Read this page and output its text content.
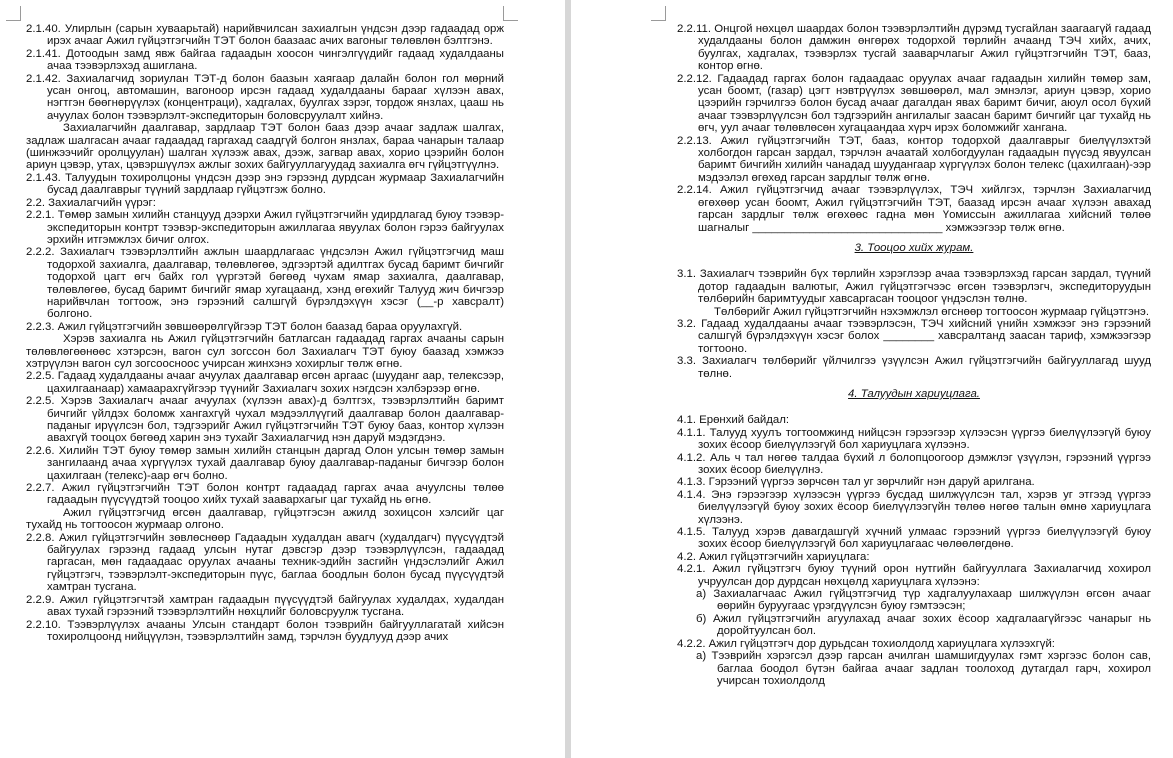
2.1.40. Улирлын (сарын хуваарьтай) нарийвчилсан захиалгын үндсэн дээр гадаадад орж ирэх ачааг Ажил гүйцэтгэгчийн ТЭТ болон баазаас ачих вагоныг төлөвлөн бэлтгэнэ.

2.1.41. Дотоодын замд явж байгаа гадаадын хоосон чингэлгүүдийг гадаад худалдааны ачаа тээвэрлэхэд ашиглана.

2.1.42. Захиалагчид зориулан ТЭТ-д болон баазын хаягаар далайн болон гол мөрний усан онгоц, автомашин, вагоноор ирсэн гадаад худалдааны барааг хүлээн авах, нэгтгэн бөөгнөрүүлэх (концентраци), хадгалах, буулгах зэрэг, тордож янзлах, цааш нь ачуулах болон тээвэрлэлт-экспедиторын боловсруулалт хийнэ.

Захиалагчийн даалгавар, зардлаар ТЭТ болон бааз дээр ачааг задлаж шалгах, задлаж шалгасан ачааг гадаадад гаргахад саадгүй болгон янзлах, бараа чанарын талаар (шинжээчийг оролцуулан) шалган хүлээж авах, дээж, загвар авах, хорио цээрийн болон ариун цэвэр, утах, цэвэршүүлэх ажлыг зохих байгууллагуудад захиалга өгч гүйцэтгүүлнэ.

2.1.43. Талуудын тохиролцоны үндсэн дээр энэ гэрээнд дурдсан журмаар Захиалагчийн бусад даалгаврыг түүний зардлаар гүйцэтгэж болно.

2.2. Захиалагчийн үүрэг:

2.2.1. Төмөр замын хилийн станцууд дээрхи Ажил гүйцэтгэгчийн удирдлагад буюу тээвэр-экспедиторын контрт тээвэр-экспедиторын ажиллагаа явуулах болон гэрээ байгуулах эрхийн итгэмжлэх бичиг олгох.

2.2.2. Захиалагч тээвэрлэлтийн ажлын шаардлагаас үндсэлэн Ажил гүйцэтгэгчид маш тодорхой захиалга, даалгавар, төлөвлөгөө, эдгээртэй адилтгах бусад баримт бичгийг тодорхой цагт өгч байх гол үүргэтэй бөгөөд чухам ямар захиалга, даалгавар, төлөвлөгөө, бусад баримт бичгийг ямар хугацаанд, хэнд өгөхийг Талууд жич бичгээр нарийвчлан тогтоож, энэ гэрээний салшгүй бүрэлдэхүүн хэсэг (__-р хавсралт) болгоно.

2.2.3. Ажил гүйцэтгэгчийн зөвшөөрөлгүйгээр ТЭТ болон баазад бараа оруулахгүй.

Хэрэв захиалга нь Ажил гүйцэтгэгчийн батлагсан гадаадад гаргах ачааны сарын төлөвлөгөөнөөс хэтэрсэн, вагон сул зогссон бол Захиалагч ТЭТ буюу баазад хэмжээ хэтрүүлэн вагон сул зогсоосноос учирсан жинхэнэ хохирлыг төлж өгнө.

2.2.5. Гадаад худалдааны ачааг ачуулах даалгавар өгсөн аргаас (шууданг аар, телексээр, цахилгаанаар) хамаарахгүйгээр түүнийг Захиалагч зохих нэгдсэн хэлбэрээр өгнө.

2.2.5. Хэрэв Захиалагч ачааг ачуулах (хүлээн авах)-д бэлтгэх, тээвэрлэлтийн баримт бичгийг үйлдэх боломж хангахгүй чухал мэдээллүүгий даалгавар болон даалгавар-паданыг ирүүлсэн бол, тэдгээрийг Ажил гүйцэтгэгчийн ТЭТ буюу бааз, контор хүлээн авахгүй тооцох бөгөөд харин энэ тухайг Захиалагчид нэн даруй мэдэгдэнэ.

2.2.6. Хилийн ТЭТ буюу төмөр замын хилийн станцын даргад Олон улсын төмөр замын зангилаанд ачаа хүргүүлэх тухай даалгавар буюу даалгавар-паданыг бичгээр болон цахилгаан (телекс)-аар өгч болно.

2.2.7. Ажил гүйцэтгэгчийн ТЭТ болон контрт гадаадад гаргах ачаа ачуулсны төлөө гадаадын пүүсүүдтэй тооцоо хийх тухай заавархагыг цаг тухайд нь өгнө.

Ажил гүйцэтгэгчид өгсөн даалгавар, гүйцэтгэсэн ажилд зохицсон хэлсийг цаг тухайд нь тогтоосон журмаар олгоно.

2.2.8. Ажил гүйцэтгэгчийн зөвлөснөөр Гадаадын худалдан авагч (худалдагч) пүүсүүдтэй байгуулах гэрээнд гадаад улсын нутаг дэвсгэр дээр тээвэрлүүлсэн, гадаадад гаргасан, мөн гадаадаас оруулах ачааны техник-эдийн засгийн үндэслэлийг Ажил гүйцэтгэгч, тээвэрлэлт-экспедиторын пүүс, баглаа боодлын болон бусад пүүсүүдтэй хамтран тусгана.

2.2.9. Ажил гүйцэтгэгчтэй хамтран гадаадын пүүсүүдтэй байгуулах худалдах, худалдан авах тухай гэрээний тээвэрлэлтийн нөхцлийг боловсруулж тусгана.

2.2.10. Тээвэрлүүлэх ачааны Улсын стандарт болон тээврийн байгууллагатай хийсэн тохиролцоонд нийцүүлэн, тээвэрлэлтийн замд, тэрчлэн буудлууд дээр ачих

2.2.11. Онцгой нөхцөл шаардах болон тээвэрлэлтийн дүрэмд тусгайлан заагаагүй гадаад худалдааны болон дамжин өнгөрөх тодорхой төрлийн ачаанд ТЭЧ хийх, ачих, буулгах, хадгалах, тээвэрлэх тусгай зааварчлагыг Ажил гүйцэтгэгчийн ТЭТ, бааз, контор өгнө.

2.2.12. Гадаадад гаргах болон гадаадаас оруулах ачааг гадаадын хилийн төмөр зам, усан боомт, (газар) цэгт нэвтрүүлэх зөвшөөрөл, мал эмнэлэг, ариун цэвэр, хорио цээрийн гэрчилгээ болон бусад ачааг дагалдан явах баримт бичиг, аюул осол бүхий ачааг тээвэрлүүлсэн бол тэдгээрийн ангилалыг заасан баримт бичгийг цаг тухайд нь өгч, уул ачааг төлөвлөсөн хугацаандаа хүрч ирэх боломжийг хангана.

2.2.13. Ажил гүйцэтгэгчийн ТЭТ, бааз, контор тодорхой даалгаврыг биелүүлэхтэй холбогдон гарсан зардал, тэрчлэн ачаатай холбогдуулан гадаадын пүүсэд явуулсан баримт бичгийн хилийн чанадад шуудангаар хүргүүлэх болон телекс (цахилгаан)-ээр мэдээлэл өгөхөд гарсан зардлыг төлж өгнө.

2.2.14. Ажил гүйцэтгэгчид ачааг тээвэрлүүлэх, ТЭЧ хийлгэх, тэрчлэн Захиалагчид өгөхөөр усан боомт, Ажил гүйцэтгэгчийн ТЭТ, баазад ирсэн ачааг хүлээн авахад гарсан зардлыг төлж өгөхөөс гадна мөн Үомиссын ажиллагаа хийсний төлөө шагналыг ______________________________ хэмжээгээр төлж өгнө.

3. Тооцоо хийх журам.

3.1. Захиалагч тээврийн бүх төрлийн хэрэглээр ачаа тээвэрлэхэд гарсан зардал, түүний дотор гадаадын валютыг, Ажил гүйцэтгэгчээс өгсөн тээвэрлэгч, экспедиторуудын төлбөрийн баримтуудыг хавсаргасан тооцоог үндэслэн төлнө.

Төлбөрийг Ажил гүйцэтгэгчийн нэхэмжлэл өгснөөр тогтоосон журмаар гүйцэтгэнэ.

3.2. Гадаад худалдааны ачааг тээвэрлэсэн, ТЭЧ хийсний үнийн хэмжээг энэ гэрээний салшгүй бүрэлдэхүүн хэсэг болох ________ хавсралтанд заасан тариф, хэмжээгээр тогтооно.

3.3. Захиалагч төлбөрийг үйлчилгээ үзүүлсэн Ажил гүйцэтгэгчийн байгууллагад шууд төлнө.

4. Талуудын хариуцлага.

4.1. Ерөнхий байдал:

4.1.1. Талууд хуулъ тогтоомжинд нийцсэн гэрээгээр хүлээсэн үүргээ биелүүлээгүй буюу зохих ёсоор биелүүлээгүй бол хариуцлага хүлээнэ.

4.1.2. Аль ч тал нөгөө талдаа бүхий л болопцоогоор дэмжлэг үзүүлэн, гэрээний үүргээ зохих ёсоор биелүүлнэ.

4.1.3. Гэрээний үүргээ зөрчсөн тал уг зөрчлийг нэн даруй арилгана.

4.1.4. Энэ гэрээгээр хүлээсэн үүргээ бусдад шилжүүлсэн тал, хэрэв уг этгээд үүргээ биелүүлээгүй буюу зохих ёсоор биелүүлээгүйн төлөө нөгөө талын өмнө хариуцлага хүлээнэ.

4.1.5. Талууд хэрэв давагдашгүй хүчний улмаас гэрээний үүргээ биелүүлээгүй буюу зохих ёсоор биелүүлээгүй бол хариуцлагаас чөлөөлөгдөнө.

4.2. Ажил гүйцэтгэгчийн хариуцлага:

4.2.1. Ажил гүйцэтгэгч буюу түүний орон нутгийн байгууллага Захиалагчид хохирол учруулсан дор дурдсан нөхцөлд хариуцлага хүлээнэ:

а) Захиалагчаас Ажил гүйцэтгэгчид түр хадгалуулахаар шилжүүлэн өгсөн ачааг өөрийн буруугаас үрэгдүүлсэн буюу гэмтээсэн;

б) Ажил гүйцэтгэгчийн агуулахад ачааг зохих ёсоор хадгалаагүйгээс чанарыг нь доройтуулсан бол.

4.2.2. Ажил гүйцэтгэгч дор дурьдсан тохиолдолд хариуцлага хүлээхгүй:

а) Тээврийн хэрэгсэл дээр гарсан ачилган шамшигдуулах гэмт хэргээс болон сав, баглаа боодол бүтэн байгаа ачааг задлан тоолоход дутагдал гарч, хохирол учирсан тохиолдолд
